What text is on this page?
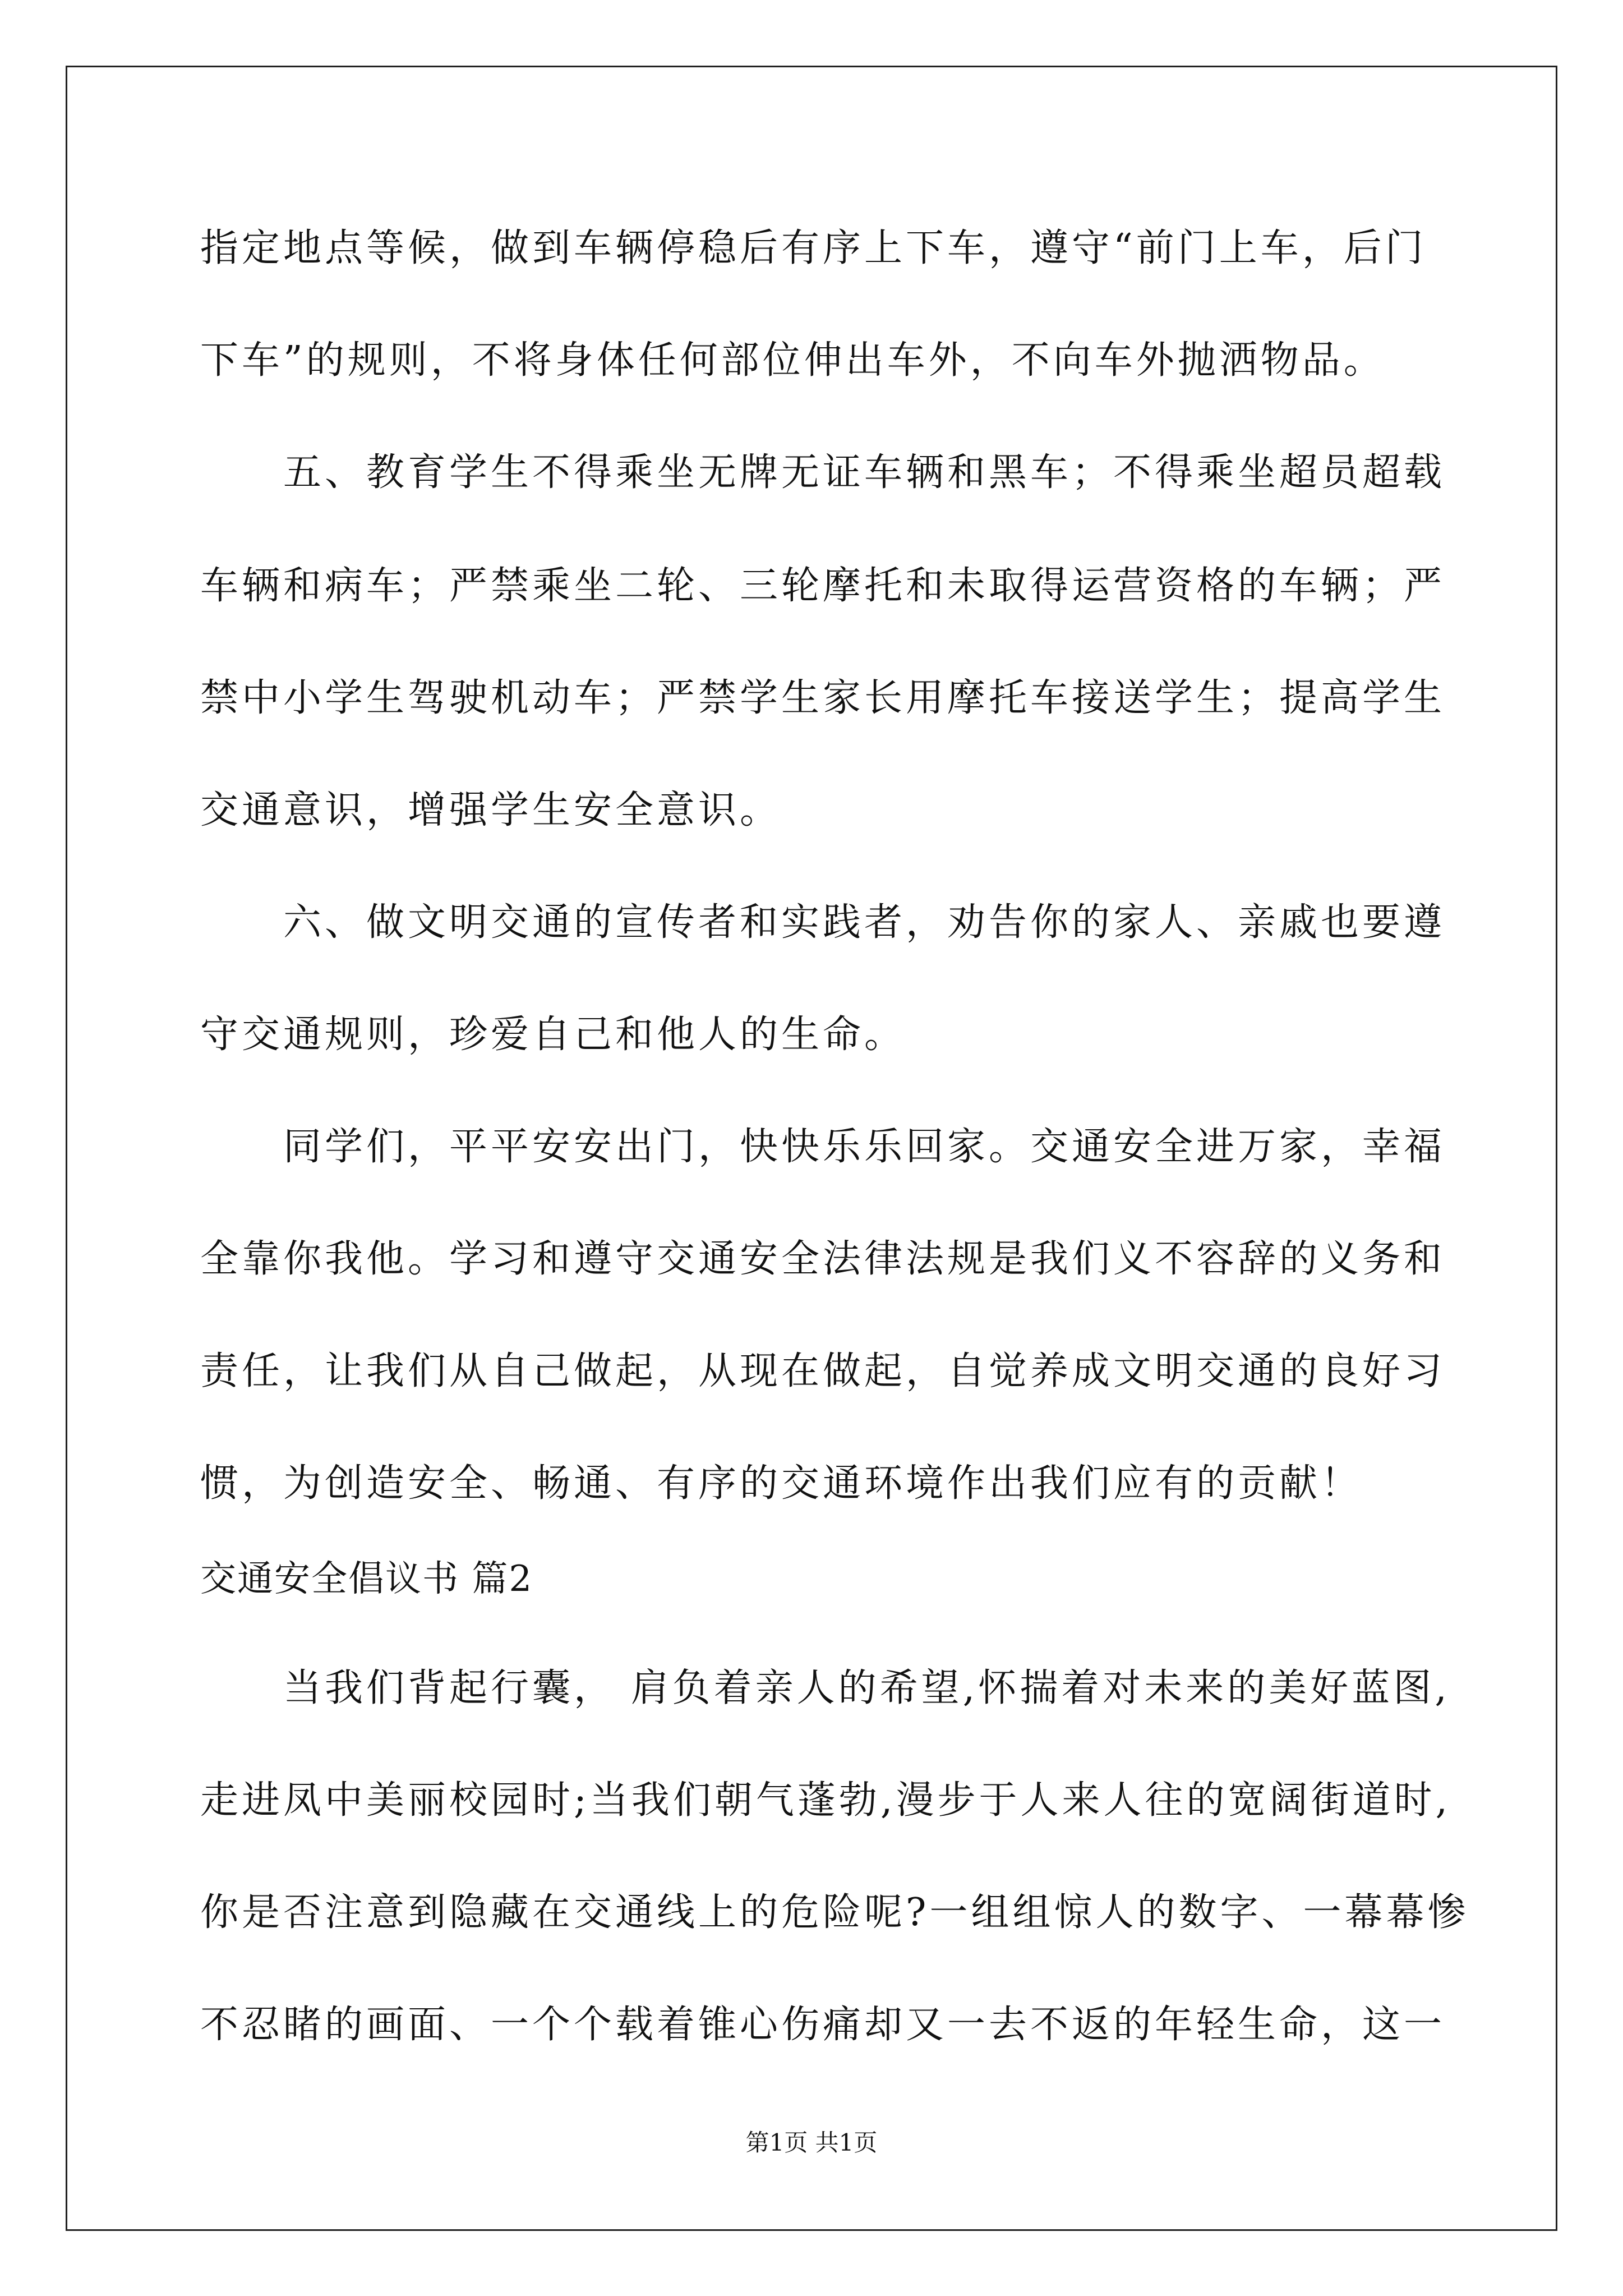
指定地点等候，做到车辆停稳后有序上下车，遵守“前门上车，后门
下车”的规则，不将身体任何部位伸出车外，不向车外抛洒物品。
五、教育学生不得乘坐无牌无证车辆和黑车；不得乘坐超员超载
车辆和病车；严禁乘坐二轮、三轮摩托和未取得运营资格的车辆；严
禁中小学生驾驶机动车；严禁学生家长用摩托车接送学生；提高学生
交通意识，增强学生安全意识。
六、做文明交通的宣传者和实践者，劝告你的家人、亲戚也要遵
守交通规则，珍爱自己和他人的生命。
同学们，平平安安出门，快快乐乐回家。交通安全进万家，幸福
全靠你我他。学习和遵守交通安全法律法规是我们义不容辞的义务和
责任，让我们从自己做起，从现在做起，自觉养成文明交通的良好习
惯，为创造安全、畅通、有序的交通环境作出我们应有的贡献！
交通安全倡议书 篇2
当我们背起行囊， 肩负着亲人的希望,怀揣着对未来的美好蓝图,
走进凤中美丽校园时;当我们朝气蓬勃,漫步于人来人往的宽阔街道时,
你是否注意到隐藏在交通线上的危险呢?一组组惊人的数字、一幕幕惨
不忍睹的画面、一个个载着锥心伤痛却又一去不返的年轻生命，这一
第1页 共1页
